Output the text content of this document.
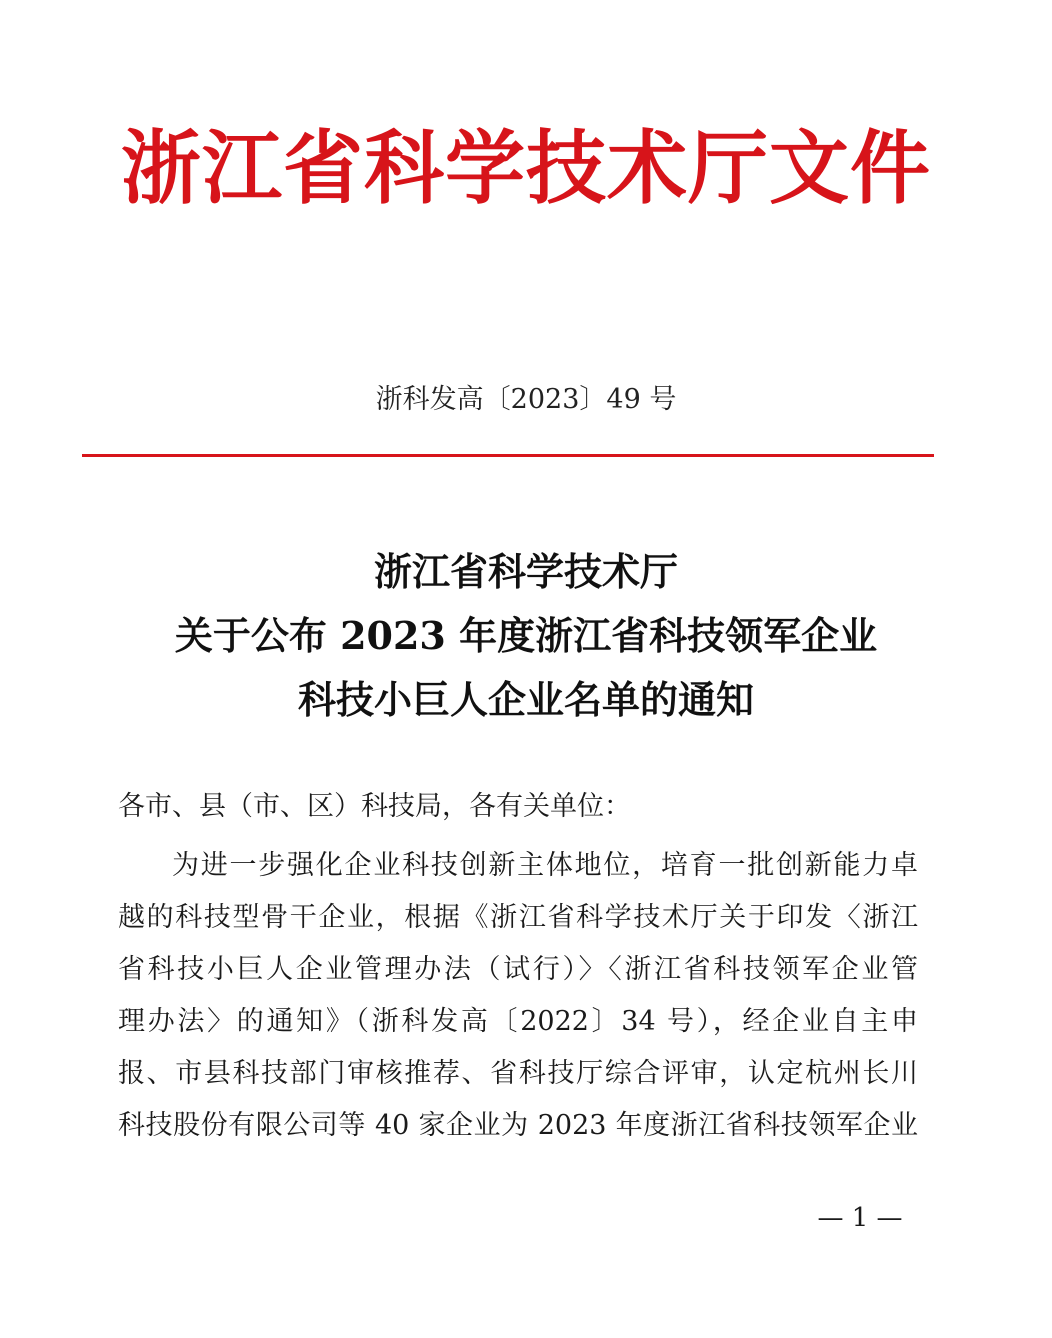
浙江省科学技术厅文件
浙科发高〔2023〕49 号
浙江省科学技术厅
关于公布 2023 年度浙江省科技领军企业
科技小巨人企业名单的通知
各市、县（市、区）科技局，各有关单位：
为进一步强化企业科技创新主体地位，培育一批创新能力卓
越的科技型骨干企业，根据《浙江省科学技术厅关于印发〈浙江
省科技小巨人企业管理办法（试行）〉〈浙江省科技领军企业管
理办法〉的通知》（浙科发高〔2022〕34 号），经企业自主申
报、市县科技部门审核推荐、省科技厅综合评审，认定杭州长川
科技股份有限公司等 40 家企业为 2023 年度浙江省科技领军企业
— 1 —
